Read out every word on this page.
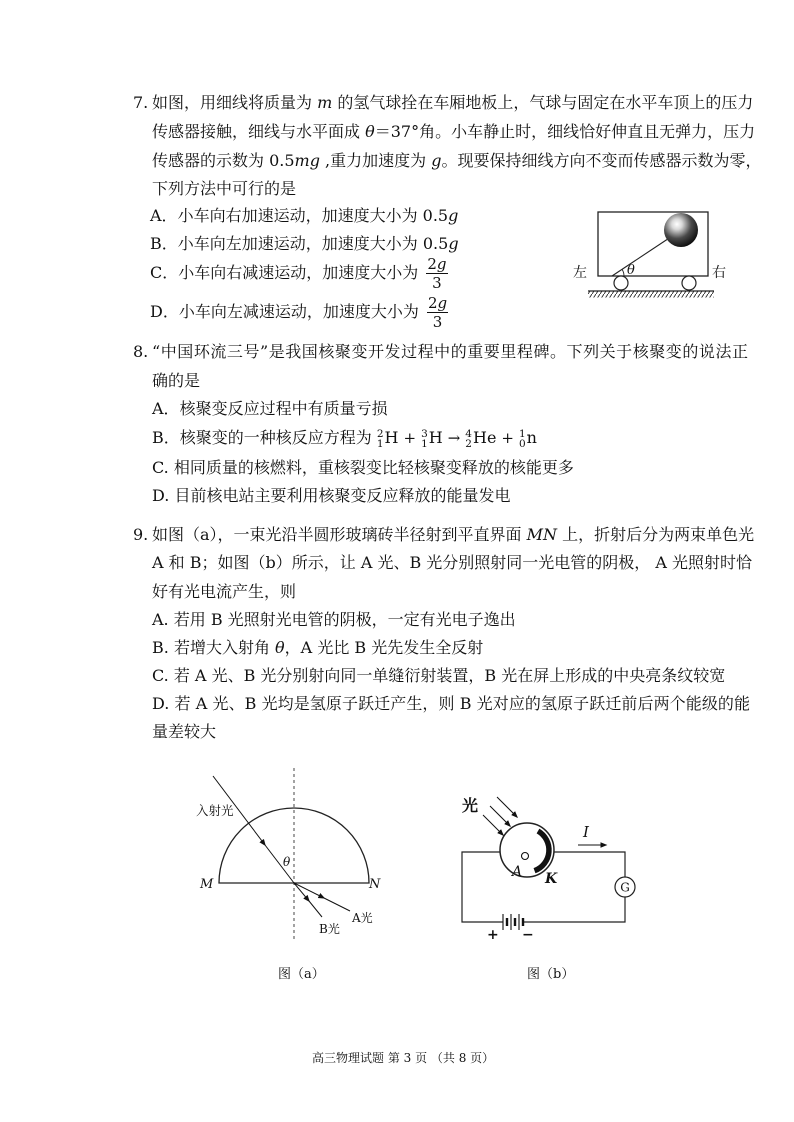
7. 如图，用细线将质量为 m 的氢气球拴在车厢地板上，气球与固定在水平车顶上的压力
传感器接触，细线与水平面成 θ＝37°角。小车静止时，细线恰好伸直且无弹力，压力
传感器的示数为 0.5mg ,重力加速度为 g。现要保持细线方向不变而传感器示数为零，
下列方法中可行的是
A．小车向右加速运动，加速度大小为 0.5g
B．小车向左加速运动，加速度大小为 0.5g
C．小车向右减速运动，加速度大小为 $\frac{2g}{3}$
D．小车向左减速运动，加速度大小为 $\frac{2g}{3}$
θ
左	右
8. “中国环流三号”是我国核聚变开发过程中的重要里程碑。下列关于核聚变的说法正
确的是
A．核聚变反应过程中有质量亏损
B．核聚变的一种核反应方程为 2
1 H + 3
1 H → 4
2 He + 1
0 n
C. 相同质量的核燃料，重核裂变比轻核聚变释放的核能更多
D. 目前核电站主要利用核聚变反应释放的能量发电
9. 如图（a），一束光沿半圆形玻璃砖半径射到平直界面 MN 上，折射后分为两束单色光
A 和 B；如图（b）所示，让 A 光、B 光分别照射同一光电管的阴极， A 光照射时恰
好有光电流产生，则
A. 若用 B 光照射光电管的阴极，一定有光电子逸出
B. 若增大入射角 θ，A 光比 B 光先发生全反射
C. 若 A 光、B 光分别射向同一单缝衍射装置，B 光在屏上形成的中央亮条纹较宽
D. 若 A 光、B 光均是氢原子跃迁产生，则 B 光对应的氢原子跃迁前后两个能级的能
量差较大
入射光
θ
M	N
B光
A光
图（a）
+ −
A K
光
I
G
图（b）
高三物理试题 第 3 页 （共 8 页）
